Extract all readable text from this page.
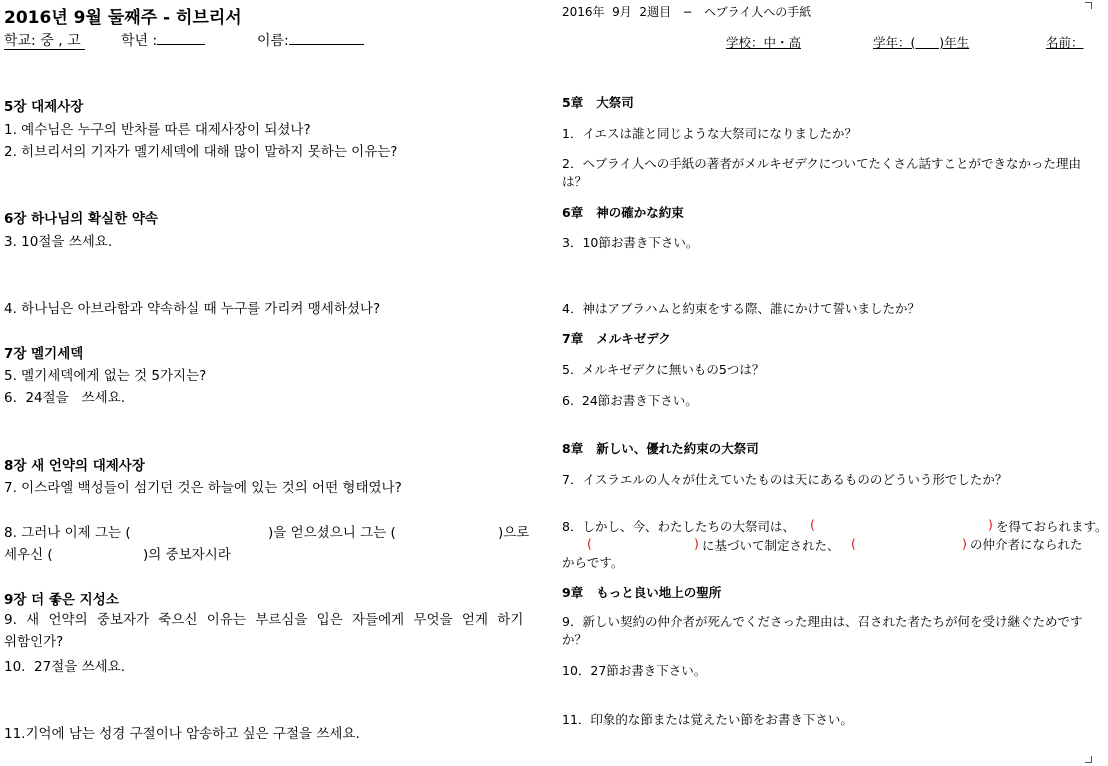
2016년 9월 둘째주 - 히브리서
학교: 중 , 고	학년 :	이름:
5장 대제사장
1. 예수님은 누구의 반차를 따른 대제사장이 되셨나?
2. 히브리서의 기자가 멜기세덱에 대해 많이 말하지 못하는 이유는?
6장 하나님의 확실한 약속
3. 10절을 쓰세요.
4. 하나님은 아브라함과 약속하실 때 누구를 가리켜 맹세하셨나?
7장 멜기세덱
5. 멜기세덱에게 없는 것 5가지는?
6.  24절을   쓰세요.
8장 새 언약의 대제사장
7. 이스라엘 백성들이 섬기던 것은 하늘에 있는 것의 어떤 형태였나?
8. 그러나 이제 그는 (	)을 얻으셨으니 그는 (	)으로
세우신 (	)의 중보자시라
9장 더 좋은 지성소
9. 새 언약의 중보자가 죽으신 이유는 부르심을 입은 자들에게 무엇을 얻게 하기 위함인가?
10.  27절을 쓰세요.
11.기억에 남는 성경 구절이나 암송하고 싶은 구절을 쓰세요.
2016年  9月  2週目   −   ヘブライ人への手紙
学校：中・高	学年：(      )年生	名前：
5章   大祭司
1．イエスは誰と同じような大祭司になりましたか？
2．ヘブライ人への手紙の著者がメルキゼデクについてたくさん話すことができなかった理由は？
6章   神の確かな約束
3．10節お書き下さい。
4．神はアブラハムと約束をする際、誰にかけて誓いましたか？
7章   メルキゼデク
5.  メルキゼデクに無いもの5つは？
6.  24節お書き下さい。
8章   新しい、優れた約束の大祭司
7．イスラエルの人々が仕えていたものは天にあるもののどういう形でしたか？
8．しかし、今、わたしたちの大祭司は、 (	) を得ておられます。
(	) に基づいて制定された、 (	) の仲介者になられたからです。
9章   もっと良い地上の聖所
9．新しい契約の仲介者が死んでくださった理由は、召された者たちが何を受け継ぐためですか？
10．27節お書き下さい。
11．印象的な節または覚えたい節をお書き下さい。
